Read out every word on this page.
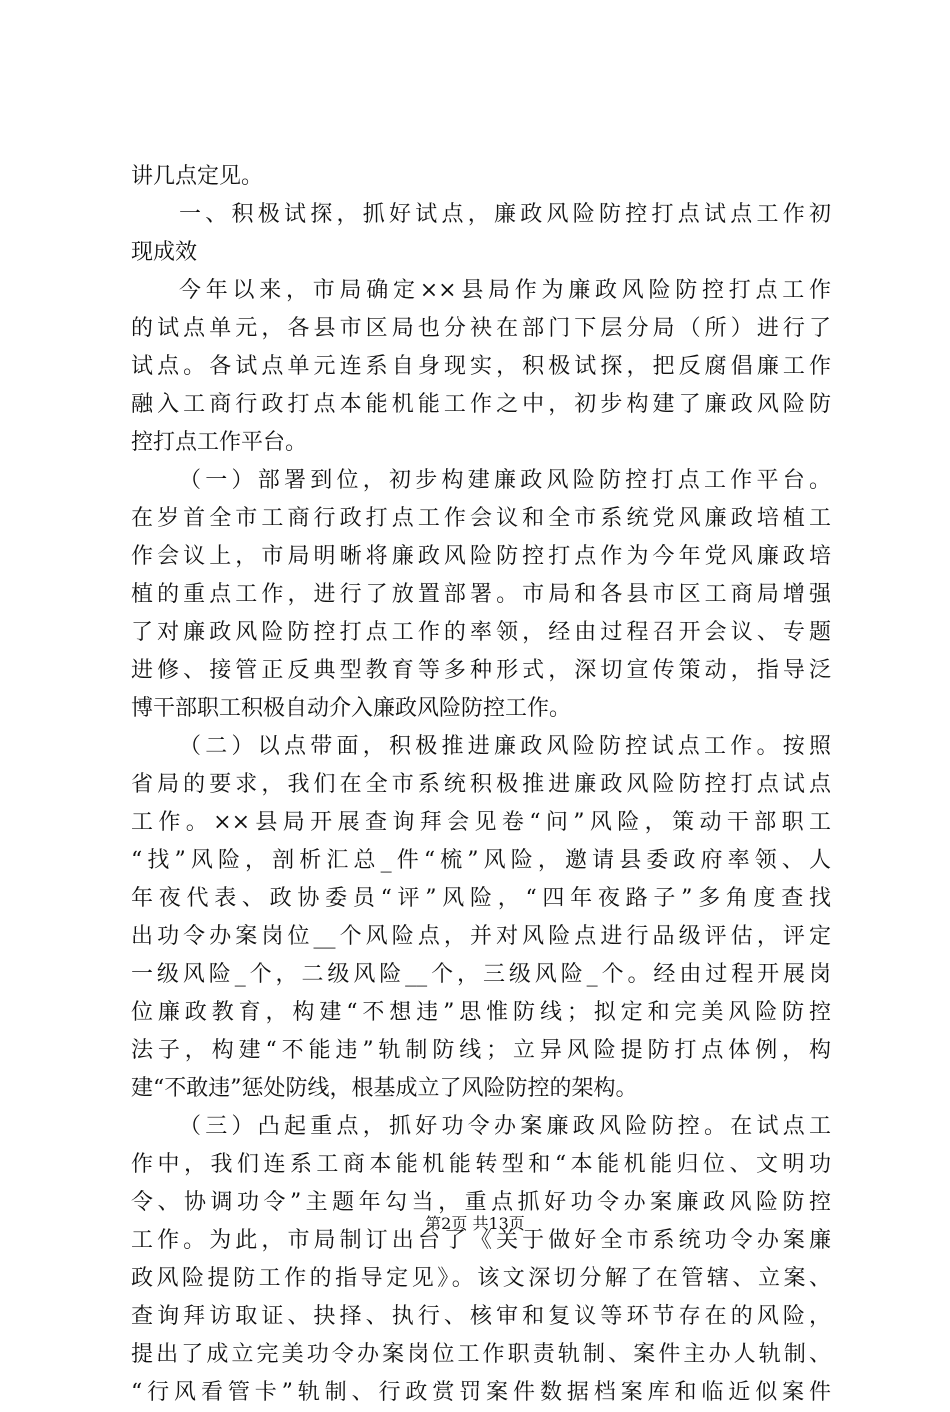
讲几点定见。
一、积极试探，抓好试点，廉政风险防控打点试点工作初
现成效
今年以来，市局确定××县局作为廉政风险防控打点工作
的试点单元，各县市区局也分袂在部门下层分局（所）进行了
试点。各试点单元连系自身现实，积极试探，把反腐倡廉工作
融入工商行政打点本能机能工作之中，初步构建了廉政风险防
控打点工作平台。
（一）部署到位，初步构建廉政风险防控打点工作平台。
在岁首全市工商行政打点工作会议和全市系统党风廉政培植工
作会议上，市局明晰将廉政风险防控打点作为今年党风廉政培
植的重点工作，进行了放置部署。市局和各县市区工商局增强
了对廉政风险防控打点工作的率领，经由过程召开会议、专题
进修、接管正反典型教育等多种形式，深切宣传策动，指导泛
博干部职工积极自动介入廉政风险防控工作。
（二）以点带面，积极推进廉政风险防控试点工作。按照
省局的要求，我们在全市系统积极推进廉政风险防控打点试点
工作。××县局开展查询拜会见卷“问”风险，策动干部职工
“找”风险，剖析汇总_件“梳”风险，邀请县委政府率领、人
年夜代表、政协委员“评”风险，“四年夜路子”多角度查找
出功令办案岗位__个风险点，并对风险点进行品级评估，评定
一级风险_个，二级风险__个，三级风险_个。经由过程开展岗
位廉政教育，构建“不想违”思惟防线；拟定和完美风险防控
法子，构建“不能违”轨制防线；立异风险提防打点体例，构
建“不敢违”惩处防线，根基成立了风险防控的架构。
（三）凸起重点，抓好功令办案廉政风险防控。在试点工
作中，我们连系工商本能机能转型和“本能机能归位、文明功
令、协调功令”主题年勾当，重点抓好功令办案廉政风险防控
工作。为此，市局制订出台了《关于做好全市系统功令办案廉
政风险提防工作的指导定见》。该文深切分解了在管辖、立案、
查询拜访取证、抉择、执行、核审和复议等环节存在的风险，
提出了成立完美功令办案岗位工作职责轨制、案件主办人轨制、
“行风看管卡”轨制、行政赏罚案件数据档案库和临近似案件
第2页 共13页
